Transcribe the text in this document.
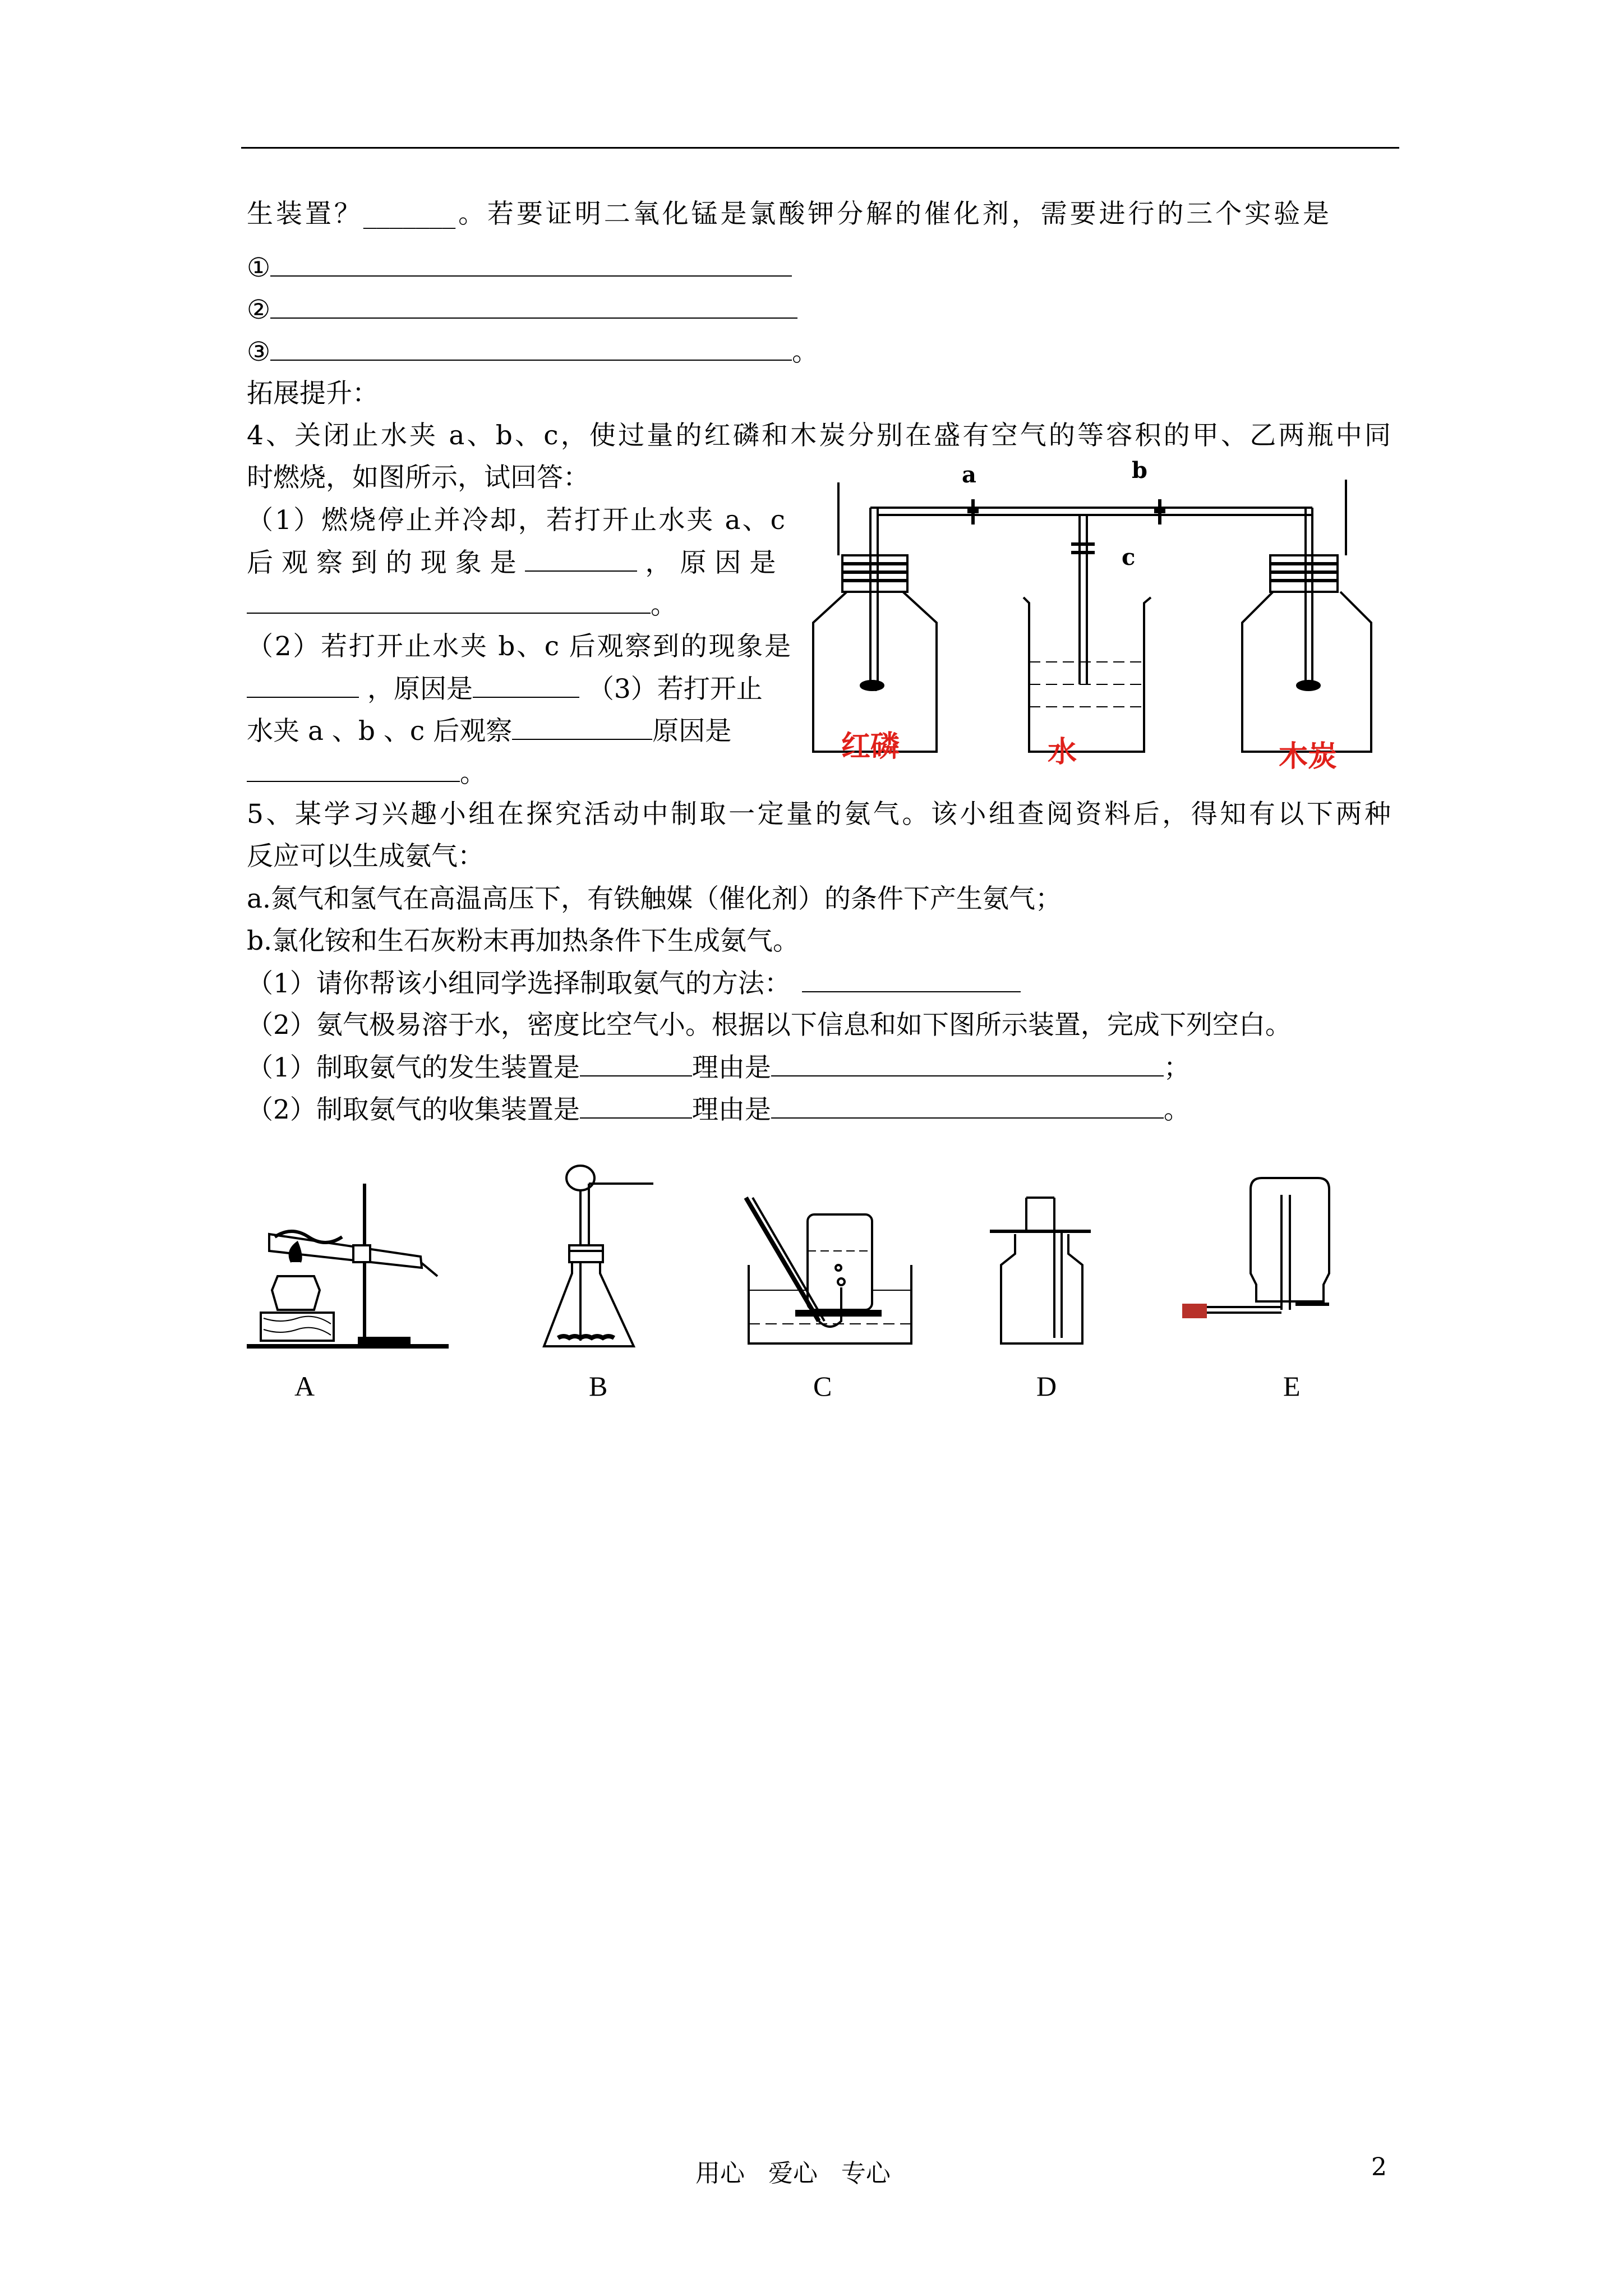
生装置？_______。若要证明二氧化锰是氯酸钾分解的催化剂，需要进行的三个实验是
①
②
③	。
拓展提升：
4、关闭止水夹 a、b、c，使过量的红磷和木炭分别在盛有空气的等容积的甲、乙两瓶中同
时燃烧，如图所示，试回答：
（1）燃烧停止并冷却，若打开止水夹 a、c
后 观 察 到 的 现 象 是	， 原 因 是
。
（2）若打开止水夹 b、c 后观察到的现象是
，原因是	（3）若打开止
水夹 a 、b 、c 后观察	原因是
。
a	b
c
红磷	水	木炭
5、某学习兴趣小组在探究活动中制取一定量的氨气。该小组查阅资料后，得知有以下两种
反应可以生成氨气：
a.氮气和氢气在高温高压下，有铁触媒（催化剂）的条件下产生氨气；
b.氯化铵和生石灰粉末再加热条件下生成氨气。
（1）请你帮该小组同学选择制取氨气的方法：
（2）氨气极易溶于水，密度比空气小。根据以下信息和如下图所示装置，完成下列空白。
（1）制取氨气的发生装置是	理由是	；
（2）制取氨气的收集装置是	理由是	。
A	B	C	D	E
用心   爱心   专心	2
